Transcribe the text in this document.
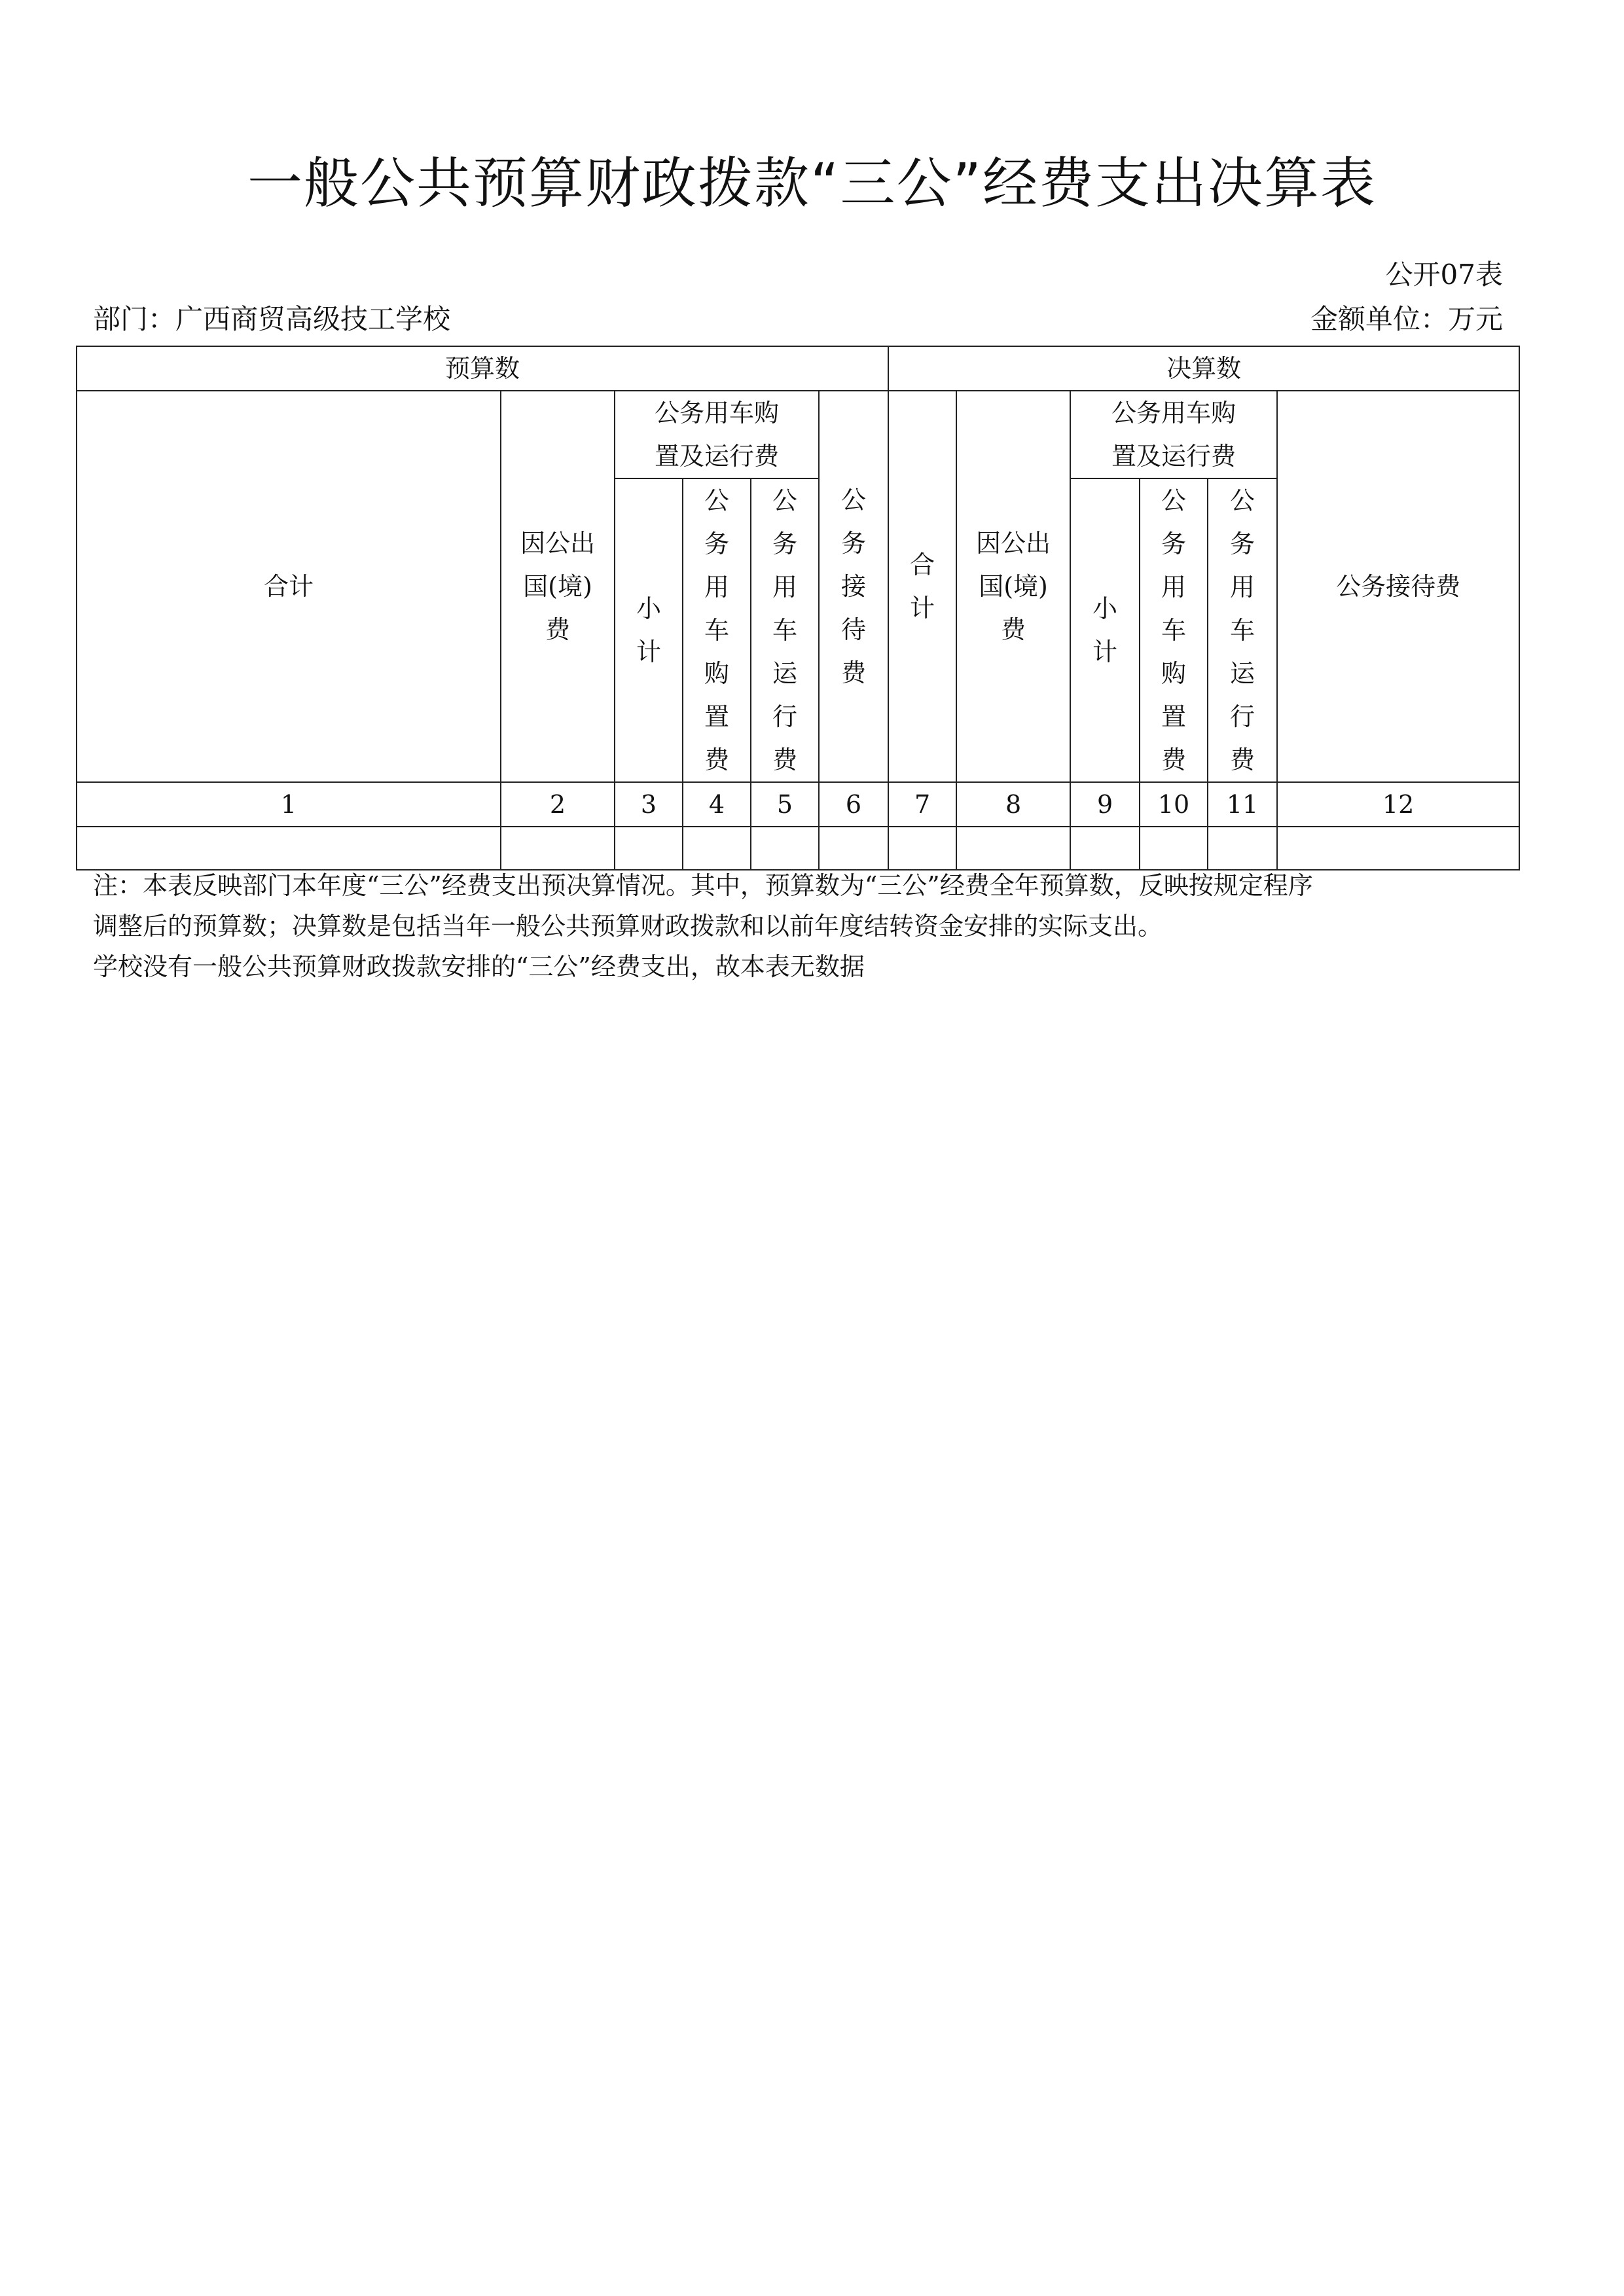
一般公共预算财政拨款“三公”经费支出决算表
公开07表
部门：广西商贸高级技工学校	金额单位：万元
预算数						决算数					
合计	因公出国(境)费	公务用车购置及运行费			公务接待费	合计	因公出国(境)费	公务用车购置及运行费			公务接待费
		小计	公务用车购置费	公务用车运行费				小计	公务用车购置费	公务用车运行费	
1	2	3	4	5	6	7	8	9	10	11	12

注：本表反映部门本年度“三公”经费支出预决算情况。其中，预算数为“三公”经费全年预算数，反映按规定程序
调整后的预算数；决算数是包括当年一般公共预算财政拨款和以前年度结转资金安排的实际支出。
学校没有一般公共预算财政拨款安排的“三公”经费支出，故本表无数据
